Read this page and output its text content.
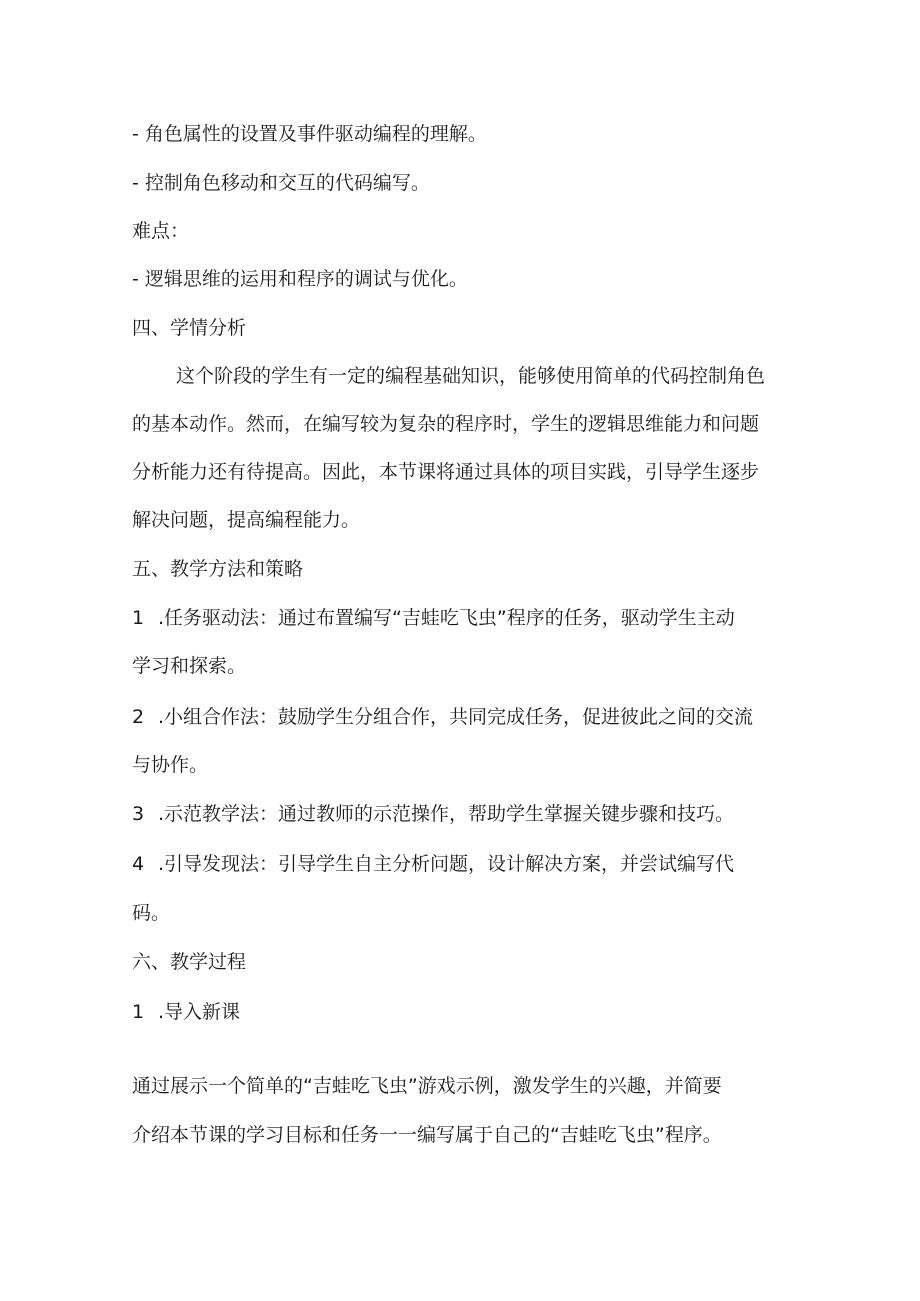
- 角色属性的设置及事件驱动编程的理解。
- 控制角色移动和交互的代码编写。
难点：
- 逻辑思维的运用和程序的调试与优化。
四、学情分析
这个阶段的学生有一定的编程基础知识，能够使用简单的代码控制角色
的基本动作。然而，在编写较为复杂的程序时，学生的逻辑思维能力和问题
分析能力还有待提高。因此，本节课将通过具体的项目实践，引导学生逐步
解决问题，提高编程能力。
五、教学方法和策略
1 .任务驱动法：通过布置编写“吉蛙吃飞虫”程序的任务，驱动学生主动
学习和探索。
2 .小组合作法：鼓励学生分组合作，共同完成任务，促进彼此之间的交流
与协作。
3 .示范教学法：通过教师的示范操作，帮助学生掌握关键步骤和技巧。
4 .引导发现法：引导学生自主分析问题，设计解决方案，并尝试编写代
码。
六、教学过程
1 .导入新课
通过展示一个简单的“吉蛙吃飞虫”游戏示例，激发学生的兴趣，并简要
介绍本节课的学习目标和任务一一编写属于自己的“吉蛙吃飞虫”程序。
